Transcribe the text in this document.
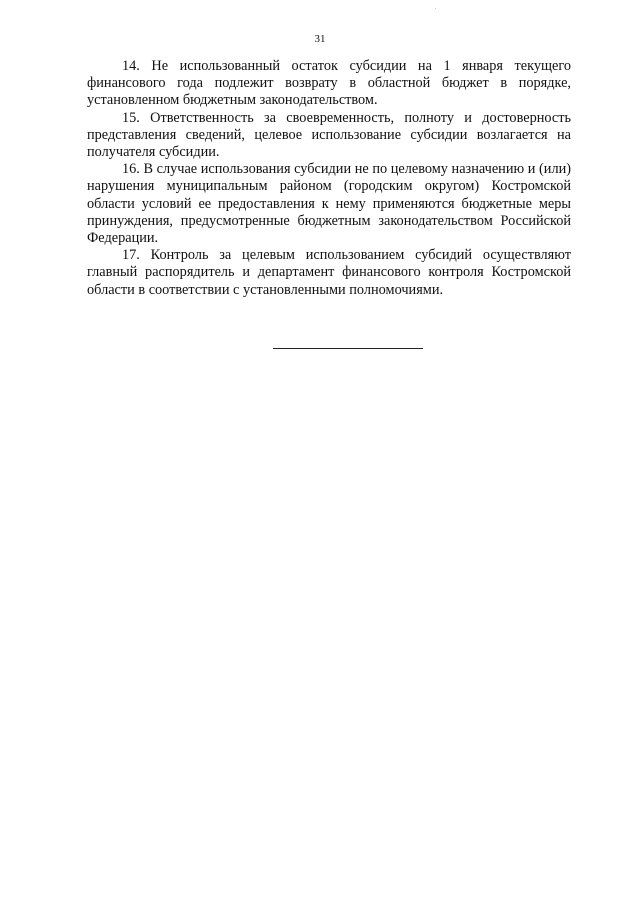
31

14. Не использованный остаток субсидии на 1 января текущего финансового года подлежит возврату в областной бюджет в порядке, установленном бюджетным законодательством.

15. Ответственность за своевременность, полноту и достоверность представления сведений, целевое использование субсидии возлагается на получателя субсидии.

16. В случае использования субсидии не по целевому назначению и (или) нарушения муниципальным районом (городским округом) Костромской области условий ее предоставления к нему применяются бюджетные меры принуждения, предусмотренные бюджетным законодательством Российской Федерации.

17. Контроль за целевым использованием субсидий осуществляют главный распорядитель и департамент финансового контроля Костромской области в соответствии с установленными полномочиями.
